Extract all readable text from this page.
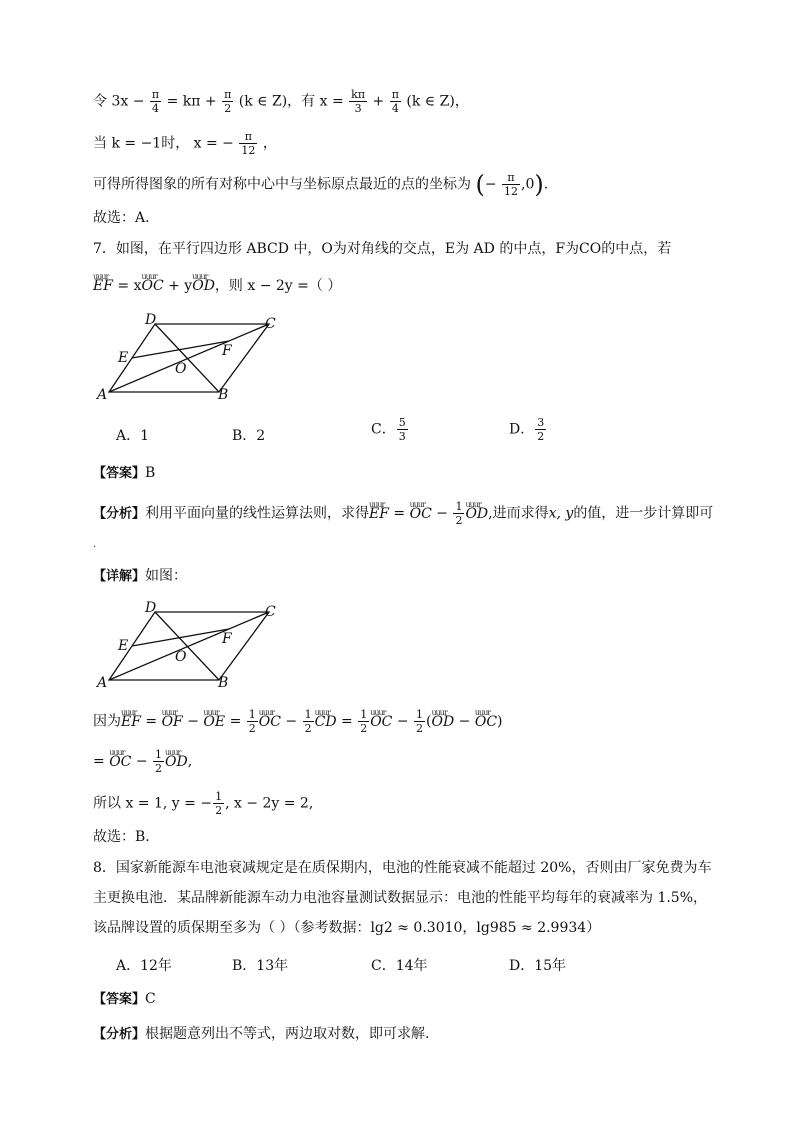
令 $3x - \frac{\pi}{4} = k\pi + \frac{\pi}{2} (k$ ∈ Z)，有 $x = \frac{k\pi}{3} + \frac{\pi}{4} (k$ ∈ Z)，
当 k = −1时， x = − $\frac{\pi}{12}$ ，
可得所得图象的所有对称中心中与坐标原点最近的点的坐标为 (− $\frac{\pi}{12} ,0$).
故选：A.
7．如图，在平行四边形 ABCD 中，O为对角线的交点，E为 AD 的中点，F为CO的中点，若
uuur EF = xuuur OC + yuuur OD，则 x − 2y =（ ）
D	C
E	F
O
A	B
A．1	B．2	C． $\frac{5}{3}$	D． $\frac{3}{2}$
【答案】B
【分析】利用平面向量的线性运算法则，求得uuur EF = uuur OC − $\frac{1}{2}$ uuur OD,进而求得x, y的值，进一步计算即可
.
【详解】如图：
D	C
E	F
O
A	B
因为uuur EF = uuur OF − uuur OE = $\frac{1}{2}$ uuur OC − $\frac{1}{2}$ uuur CD = $\frac{1}{2}$ uuur OC − $\frac{1}{2}$ (uuur OD − uuur OC)
= uuur OC − $\frac{1}{2}$ uuur OD,
所以 x = 1, y = − $\frac{1}{2}$ , x − 2y = 2,
故选：B.
8．国家新能源车电池衰减规定是在质保期内，电池的性能衰减不能超过 20%，否则由厂家免费为车
主更换电池．某品牌新能源车动力电池容量测试数据显示：电池的性能平均每年的衰减率为 1.5%，
该品牌设置的质保期至多为（ ）（参考数据：lg2 ≈ 0.3010，lg985 ≈ 2.9934）
A．12年	B．13年	C．14年	D．15年
【答案】C
【分析】根据题意列出不等式，两边取对数，即可求解.
